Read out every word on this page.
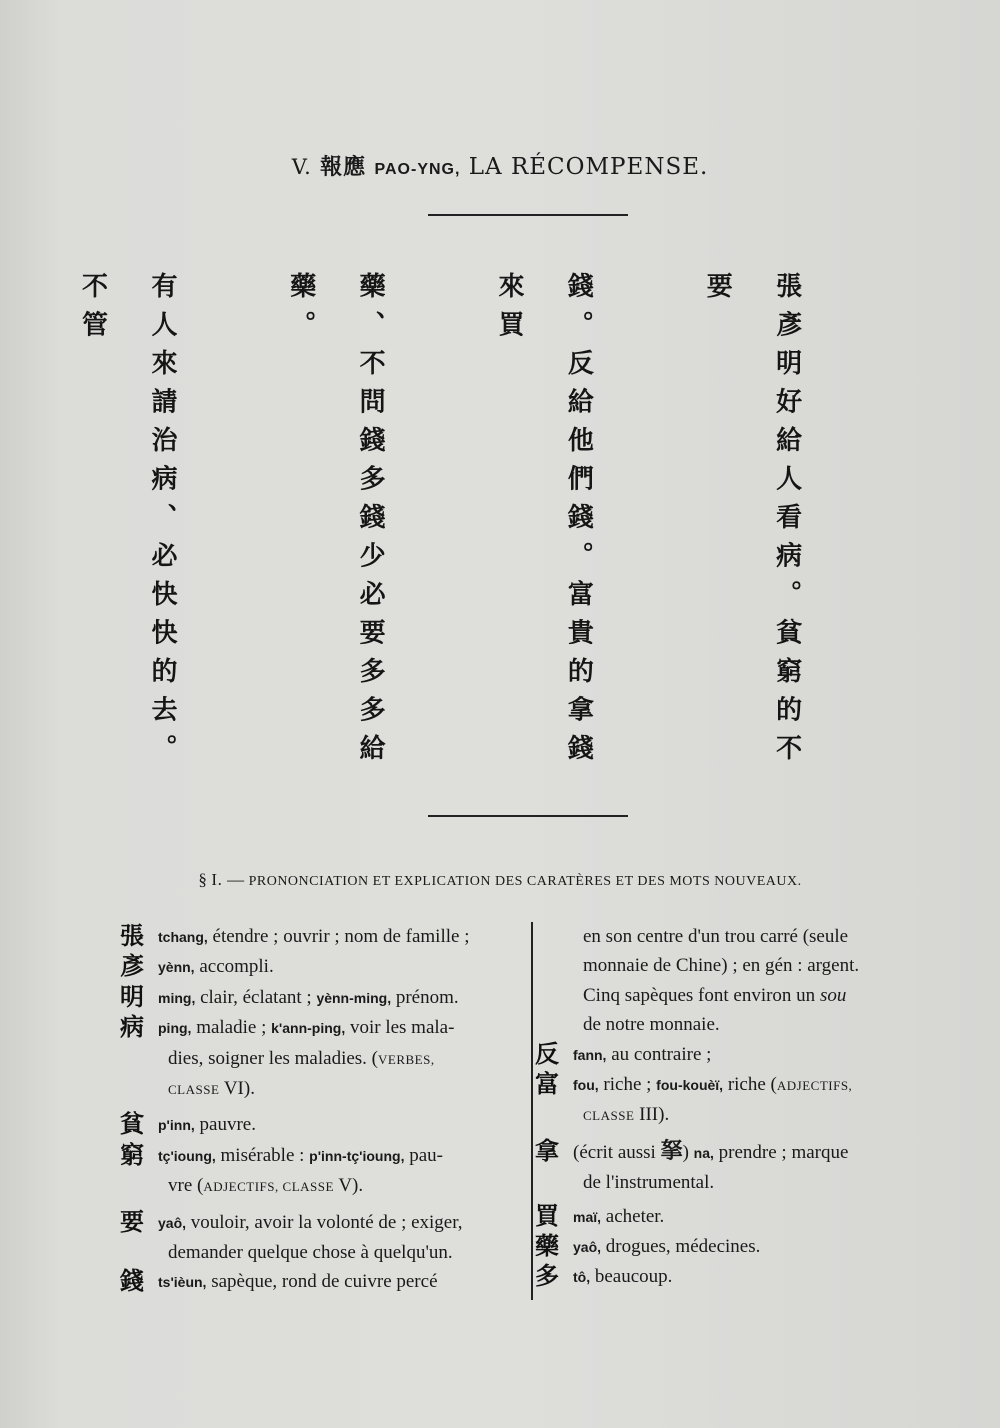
V. 報應 PAO-YNG, LA RÉCOMPENSE.

張彥明好給人看病。貧窮的不要

錢。反給他們錢。富貴的拿錢來買

藥、不問錢多錢少必要多多給藥。

有人來請治病、必快快的去。不管

§ I. — PRONONCIATION ET EXPLICATION DES CARATÈRES ET DES MOTS NOUVEAUX.
張	tchang, étendre ; ouvrir ; nom de famille ;
彥	yènn, accompli.
明	ming, clair, éclatant ; yènn-ming, prénom.
病	ping, maladie ; k'ann-ping, voir les mala-
dies, soigner les maladies. (VERBES,
CLASSE VI).
貧	p'inn, pauvre.
窮	tç'ioung, misérable : p'inn-tç'ioung, pau-
vre (ADJECTIFS, CLASSE V).
要	yaô, vouloir, avoir la volonté de ; exiger,
demander quelque chose à quelqu'un.
錢	ts'ièun, sapèque, rond de cuivre percé
en son centre d'un trou carré (seule
monnaie de Chine) ; en gén : argent.
Cinq sapèques font environ un sou
de notre monnaie.
反	fann, au contraire ;
富	fou, riche ; fou-kouèï, riche (ADJECTIFS,
CLASSE III).
拿 (écrit aussi 拏) na, prendre ; marque
de l'instrumental.
買	maï, acheter.
藥	yaô, drogues, médecines.
多	tô, beaucoup.
